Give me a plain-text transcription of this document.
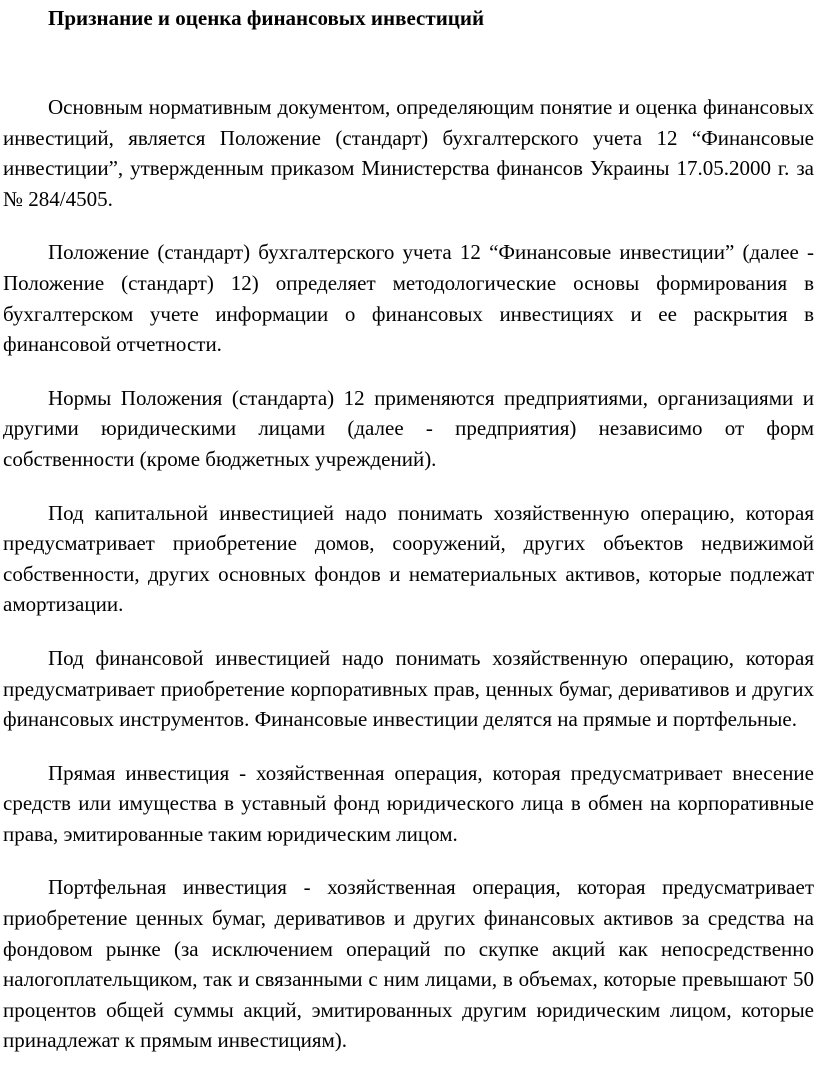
Признание и оценка финансовых инвестиций

Основным нормативным документом, определяющим понятие и оценка финансовых инвестиций, является Положение (стандарт) бухгалтерского учета 12 “Финансовые инвестиции”, утвержденным приказом Министерства финансов Украины 17.05.2000 г. за № 284/4505.

Положение (стандарт) бухгалтерского учета 12 “Финансовые инвестиции” (далее - Положение (стандарт) 12) определяет методологические основы формирования в бухгалтерском учете информации о финансовых инвестициях и ее раскрытия в финансовой отчетности.

Нормы Положения (стандарта) 12 применяются предприятиями, организациями и другими юридическими лицами (далее - предприятия) независимо от форм собственности (кроме бюджетных учреждений).

Под капитальной инвестицией надо понимать хозяйственную операцию, которая предусматривает приобретение домов, сооружений, других объектов недвижимой собственности, других основных фондов и нематериальных активов, которые подлежат амортизации.

Под финансовой инвестицией надо понимать хозяйственную операцию, которая предусматривает приобретение корпоративных прав, ценных бумаг, деривативов и других финансовых инструментов. Финансовые инвестиции делятся на прямые и портфельные.

Прямая инвестиция - хозяйственная операция, которая предусматривает внесение средств или имущества в уставный фонд юридического лица в обмен на корпоративные права, эмитированные таким юридическим лицом.

Портфельная инвестиция - хозяйственная операция, которая предусматривает приобретение ценных бумаг, деривативов и других финансовых активов за средства на фондовом рынке (за исключением операций по скупке акций как непосредственно налогоплательщиком, так и связанными с ним лицами, в объемах, которые превышают 50 процентов общей суммы акций, эмитированных другим юридическим лицом, которые принадлежат к прямым инвестициям).
